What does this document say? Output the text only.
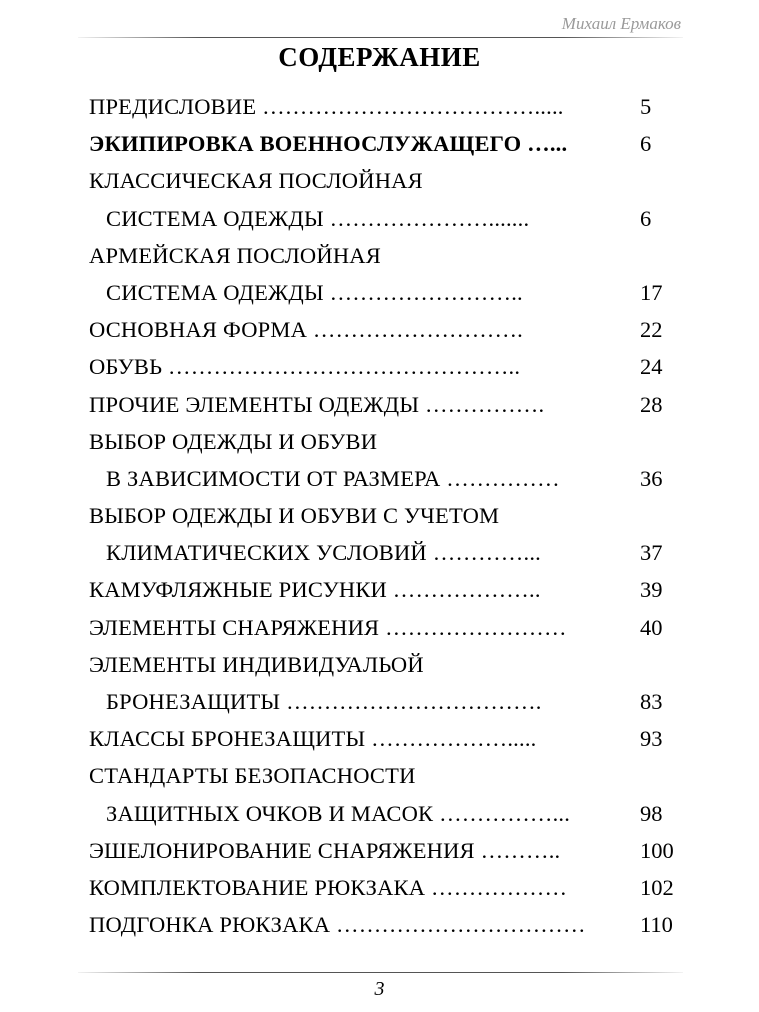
Михаил Ермаков
СОДЕРЖАНИЕ
ПРЕДИСЛОВИЕ ……………………………….....	5
ЭКИПИРОВКА ВОЕННОСЛУЖАЩЕГО …...	6
КЛАССИЧЕСКАЯ ПОСЛОЙНАЯ
СИСТЕМА ОДЕЖДЫ ………………….......	6
АРМЕЙСКАЯ ПОСЛОЙНАЯ
СИСТЕМА ОДЕЖДЫ ……………………..	17
ОСНОВНАЯ ФОРМА ……………………….	22
ОБУВЬ ………………………………………..	24
ПРОЧИЕ ЭЛЕМЕНТЫ ОДЕЖДЫ …………….	28
ВЫБОР ОДЕЖДЫ И ОБУВИ
В ЗАВИСИМОСТИ ОТ РАЗМЕРА ……………	36
ВЫБОР ОДЕЖДЫ И ОБУВИ С УЧЕТОМ
КЛИМАТИЧЕСКИХ УСЛОВИЙ …………...	37
КАМУФЛЯЖНЫЕ РИСУНКИ ………………..	39
ЭЛЕМЕНТЫ СНАРЯЖЕНИЯ ……………………	40
ЭЛЕМЕНТЫ ИНДИВИДУАЛЬОЙ
БРОНЕЗАЩИТЫ …………………………….	83
КЛАССЫ БРОНЕЗАЩИТЫ ……………….....	93
СТАНДАРТЫ БЕЗОПАСНОСТИ
ЗАЩИТНЫХ ОЧКОВ И МАСОК ……………...	98
ЭШЕЛОНИРОВАНИЕ СНАРЯЖЕНИЯ ………..	100
КОМПЛЕКТОВАНИЕ РЮКЗАКА ………………	102
ПОДГОНКА РЮКЗАКА …………………………… 110
3
